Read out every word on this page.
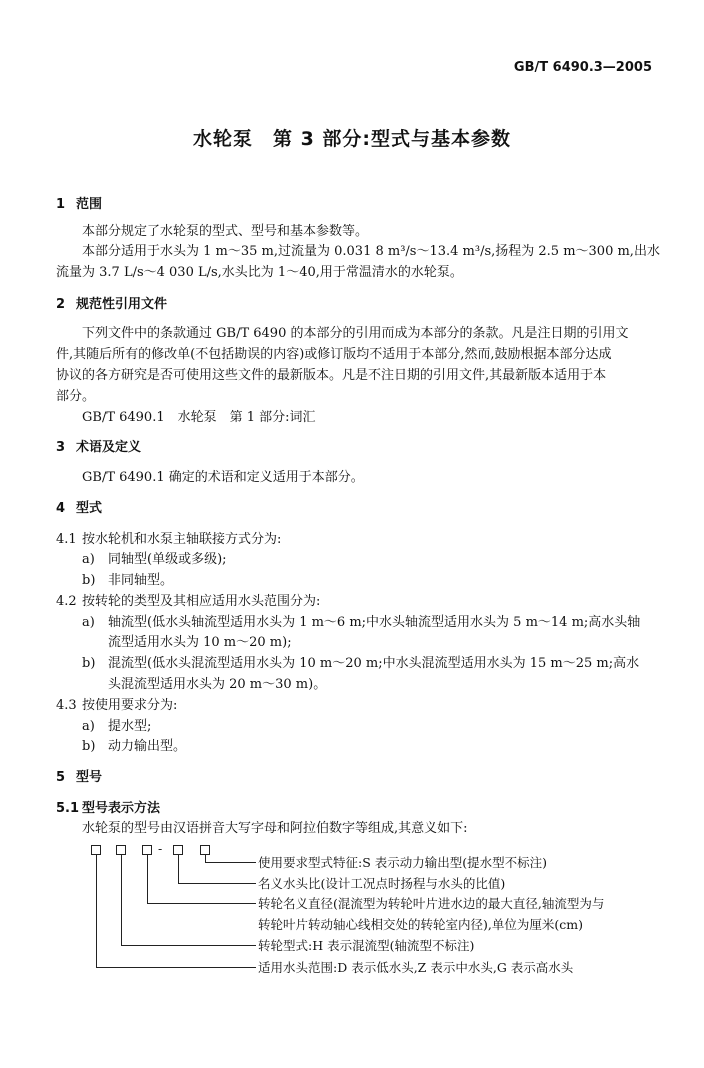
GB/T 6490.3—2005
水轮泵　第 3 部分:型式与基本参数
1 范围
本部分规定了水轮泵的型式、型号和基本参数等。
本部分适用于水头为 1 m～35 m,过流量为 0.031 8 m³/s～13.4 m³/s,扬程为 2.5 m～300 m,出水
流量为 3.7 L/s～4 030 L/s,水头比为 1～40,用于常温清水的水轮泵。
2 规范性引用文件
下列文件中的条款通过 GB/T 6490 的本部分的引用而成为本部分的条款。凡是注日期的引用文
件,其随后所有的修改单(不包括勘误的内容)或修订版均不适用于本部分,然而,鼓励根据本部分达成
协议的各方研究是否可使用这些文件的最新版本。凡是不注日期的引用文件,其最新版本适用于本
部分。
GB/T 6490.1　水轮泵　第 1 部分:词汇
3 术语及定义
GB/T 6490.1 确定的术语和定义适用于本部分。
4 型式
4.1 按水轮机和水泵主轴联接方式分为:
a) 同轴型(单级或多级);
b) 非同轴型。
4.2 按转轮的类型及其相应适用水头范围分为:
a) 轴流型(低水头轴流型适用水头为 1 m～6 m;中水头轴流型适用水头为 5 m～14 m;高水头轴
流型适用水头为 10 m～20 m);
b) 混流型(低水头混流型适用水头为 10 m～20 m;中水头混流型适用水头为 15 m～25 m;高水
头混流型适用水头为 20 m～30 m)。
4.3 按使用要求分为:
a) 提水型;
b) 动力输出型。
5 型号
5.1 型号表示方法
水轮泵的型号由汉语拼音大写字母和阿拉伯数字等组成,其意义如下:
-
使用要求型式特征:S 表示动力输出型(提水型不标注)
名义水头比(设计工况点时扬程与水头的比值)
转轮名义直径(混流型为转轮叶片进水边的最大直径,轴流型为与
转轮叶片转动轴心线相交处的转轮室内径),单位为厘米(cm)
转轮型式:H 表示混流型(轴流型不标注)
适用水头范围:D 表示低水头,Z 表示中水头,G 表示高水头
